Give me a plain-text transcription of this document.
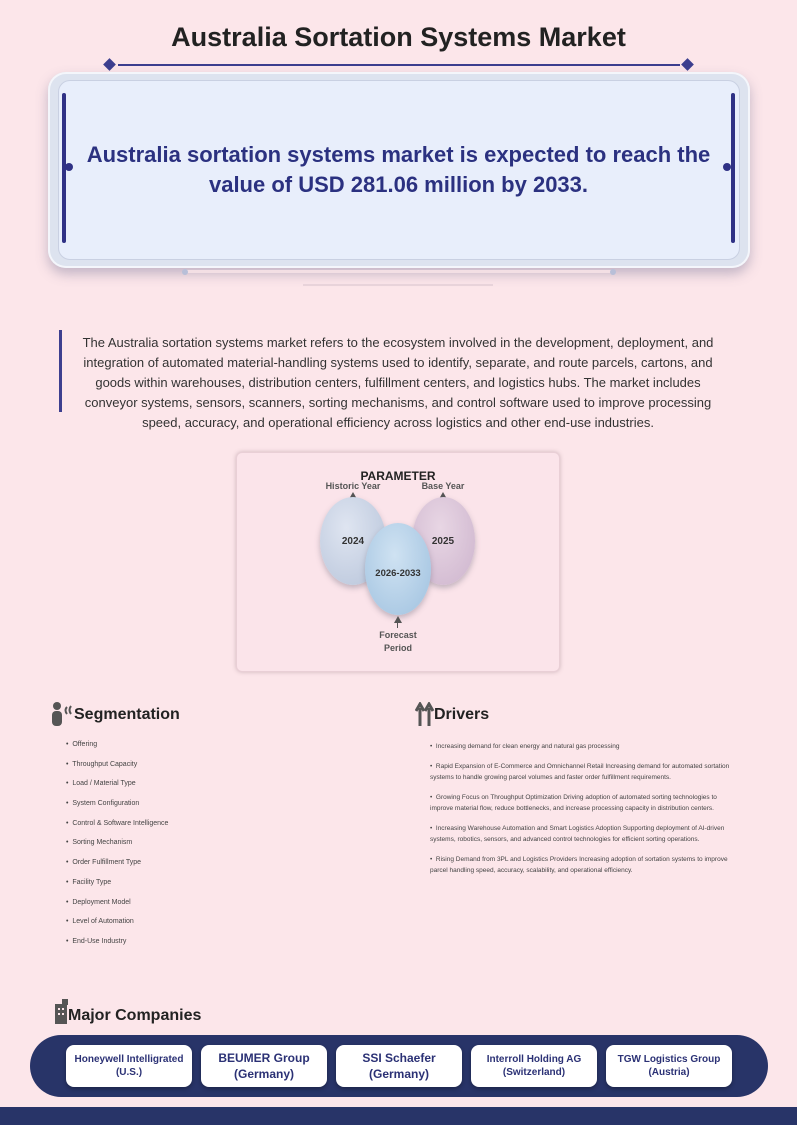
Australia Sortation Systems Market
Australia sortation systems market is expected to reach the value of USD 281.06 million by 2033.
The Australia sortation systems market refers to the ecosystem involved in the development, deployment, and integration of automated material-handling systems used to identify, separate, and route parcels, cartons, and goods within warehouses, distribution centers, fulfillment centers, and logistics hubs. The market includes conveyor systems, sensors, scanners, sorting mechanisms, and control software used to improve processing speed, accuracy, and operational efficiency across logistics and other end-use industries.
PARAMETER
Historic Year	Base Year
2024	2025
2026-2033
Forecast
Period
Segmentation
•  Offering
•  Throughput Capacity
•  Load / Material Type
•  System Configuration
•  Control & Software Intelligence
•  Sorting Mechanism
•  Order Fulfillment Type
•  Facility Type
•  Deployment Model
•  Level of Automation
•  End-Use Industry
Drivers
•  Increasing demand for clean energy and natural gas processing
•  Rapid Expansion of E-Commerce and Omnichannel Retail Increasing demand for automated sortation systems to handle growing parcel volumes and faster order fulfillment requirements.
•  Growing Focus on Throughput Optimization Driving adoption of automated sorting technologies to improve material flow, reduce bottlenecks, and increase processing capacity in distribution centers.
•  Increasing Warehouse Automation and Smart Logistics Adoption Supporting deployment of AI-driven systems, robotics, sensors, and advanced control technologies for efficient sorting operations.
•  Rising Demand from 3PL and Logistics Providers Increasing adoption of sortation systems to improve parcel handling speed, accuracy, scalability, and operational efficiency.
Major Companies
Honeywell Intelligrated
(U.S.)
BEUMER Group
(Germany)
SSI Schaefer
(Germany)
Interroll Holding AG
(Switzerland)
TGW Logistics Group
(Austria)
